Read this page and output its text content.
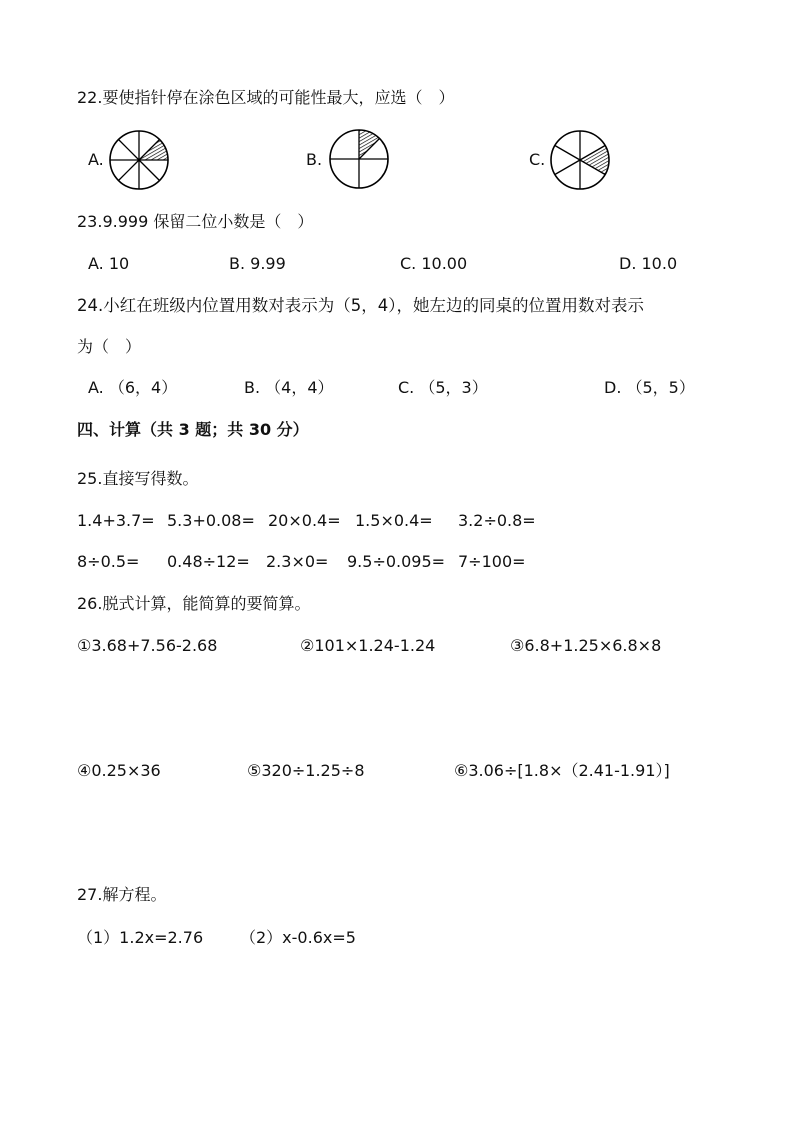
22.要使指针停在涂色区域的可能性最大，应选（　）
A.	B.	C.
23.9.999 保留二位小数是（　）
A. 10	B. 9.99	C. 10.00	D. 10.0
24.小红在班级内位置用数对表示为（5，4），她左边的同桌的位置用数对表示
为（　）
A. （6，4）	B. （4，4）	C. （5，3）	D. （5，5）
四、计算（共 3 题；共 30 分）
25.直接写得数。
1.4+3.7= 5.3+0.08= 20×0.4= 1.5×0.4= 3.2÷0.8=
8÷0.5= 0.48÷12= 2.3×0= 9.5÷0.095= 7÷100=
26.脱式计算，能简算的要简算。
①3.68+7.56-2.68	②101×1.24-1.24	③6.8+1.25×6.8×8
④0.25×36	⑤320÷1.25÷8	⑥3.06÷[1.8×（2.41-1.91）]
27.解方程。
（1）1.2x=2.76 （2）x-0.6x=5
